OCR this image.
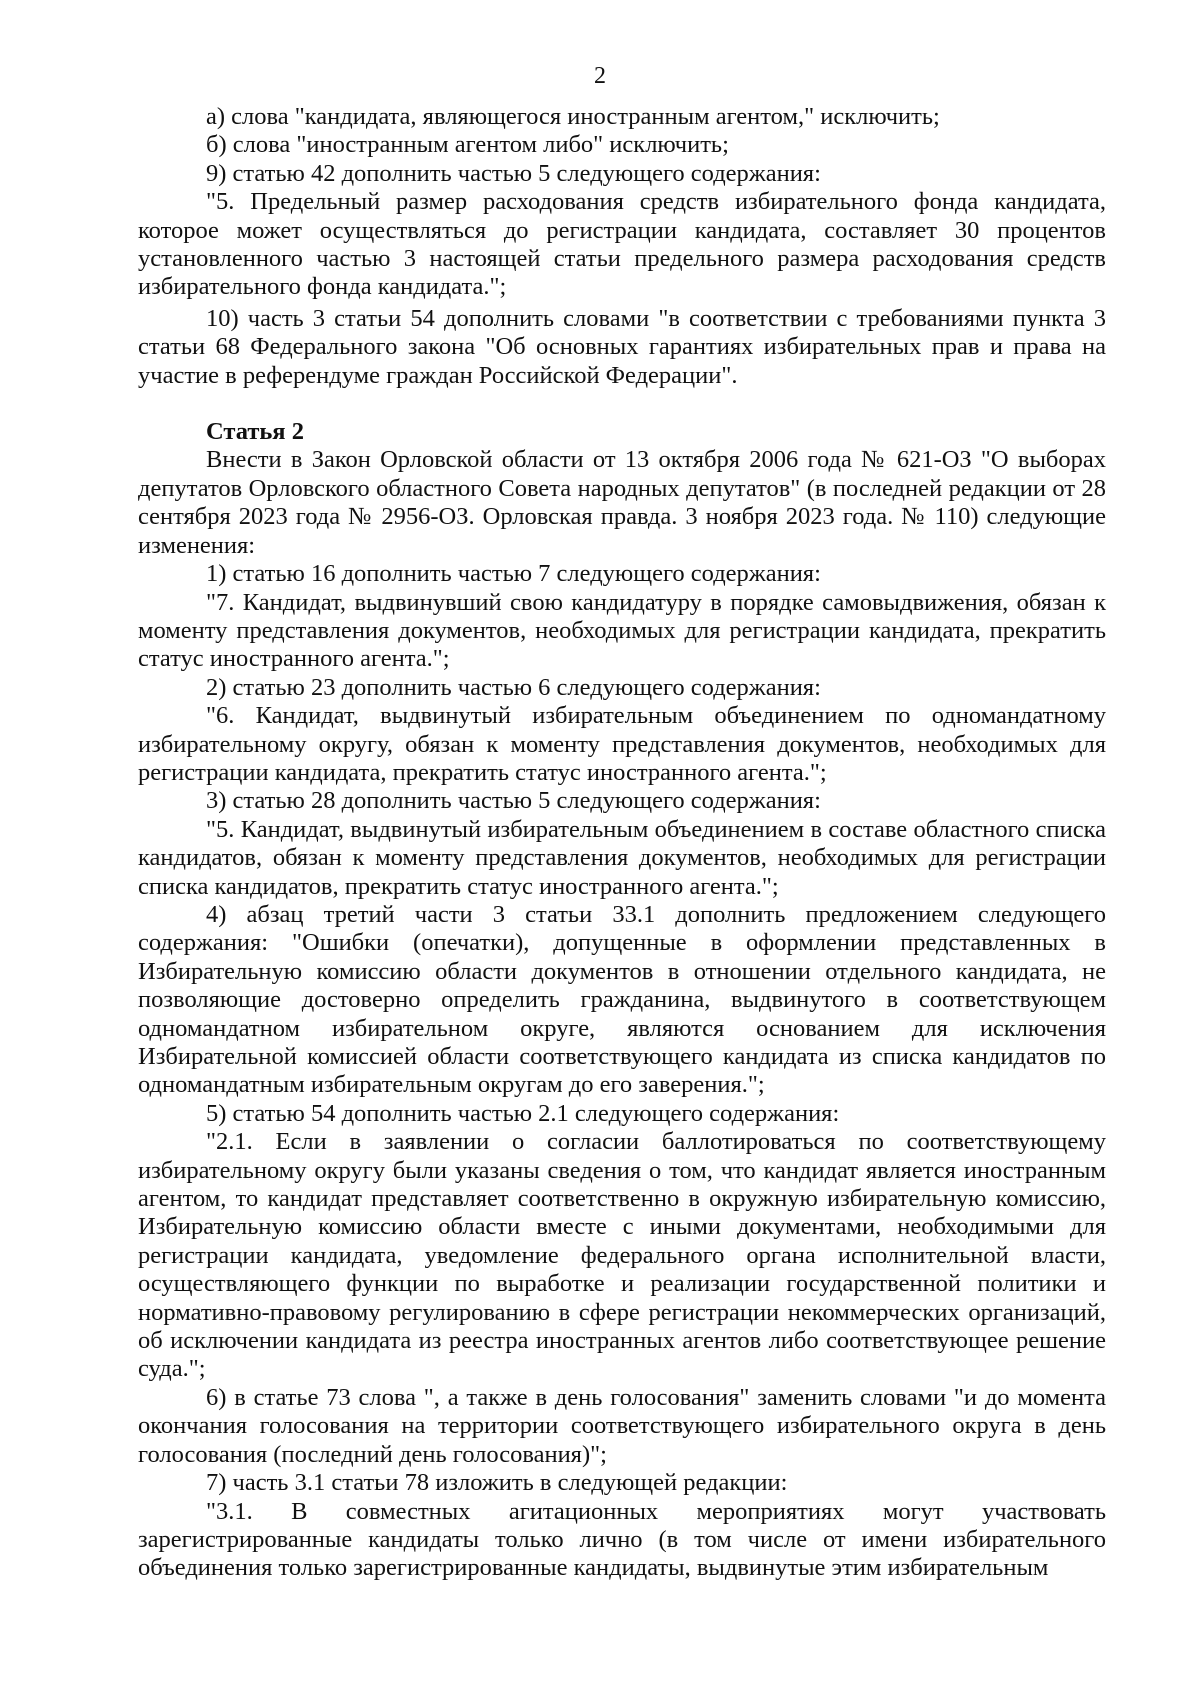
2

а) слова "кандидата, являющегося иностранным агентом," исключить;

б) слова "иностранным агентом либо" исключить;

9) статью 42 дополнить частью 5 следующего содержания:

"5. Предельный размер расходования средств избирательного фонда кандидата, которое может осуществляться до регистрации кандидата, составляет 30 процентов установленного частью 3 настоящей статьи предельного размера расходования средств избирательного фонда кандидата.";

10) часть 3 статьи 54 дополнить словами "в соответствии с требованиями пункта 3 статьи 68 Федерального закона "Об основных гарантиях избирательных прав и права на участие в референдуме граждан Российской Федерации".

Статья 2

Внести в Закон Орловской области от 13 октября 2006 года № 621-ОЗ "О выборах депутатов Орловского областного Совета народных депутатов" (в последней редакции от 28 сентября 2023 года № 2956-ОЗ. Орловская правда. 3 ноября 2023 года. № 110) следующие изменения:

1) статью 16 дополнить частью 7 следующего содержания:

"7. Кандидат, выдвинувший свою кандидатуру в порядке самовыдвижения, обязан к моменту представления документов, необходимых для регистрации кандидата, прекратить статус иностранного агента.";

2) статью 23 дополнить частью 6 следующего содержания:

"6. Кандидат, выдвинутый избирательным объединением по одномандатному избирательному округу, обязан к моменту представления документов, необходимых для регистрации кандидата, прекратить статус иностранного агента.";

3) статью 28 дополнить частью 5 следующего содержания:

"5. Кандидат, выдвинутый избирательным объединением в составе областного списка кандидатов, обязан к моменту представления документов, необходимых для регистрации списка кандидатов, прекратить статус иностранного агента.";

4) абзац третий части 3 статьи 33.1 дополнить предложением следующего содержания: "Ошибки (опечатки), допущенные в оформлении представленных в Избирательную комиссию области документов в отношении отдельного кандидата, не позволяющие достоверно определить гражданина, выдвинутого в соответствующем одномандатном избирательном округе, являются основанием для исключения Избирательной комиссией области соответствующего кандидата из списка кандидатов по одномандатным избирательным округам до его заверения.";

5) статью 54 дополнить частью 2.1 следующего содержания:

"2.1. Если в заявлении о согласии баллотироваться по соответствующему избирательному округу были указаны сведения о том, что кандидат является иностранным агентом, то кандидат представляет соответственно в окружную избирательную комиссию, Избирательную комиссию области вместе с иными документами, необходимыми для регистрации кандидата, уведомление федерального органа исполнительной власти, осуществляющего функции по выработке и реализации государственной политики и нормативно-правовому регулированию в сфере регистрации некоммерческих организаций, об исключении кандидата из реестра иностранных агентов либо соответствующее решение суда.";

6) в статье 73 слова ", а также в день голосования" заменить словами "и до момента окончания голосования на территории соответствующего избирательного округа в день голосования (последний день голосования)";

7) часть 3.1 статьи 78 изложить в следующей редакции:

"3.1. В совместных агитационных мероприятиях могут участвовать зарегистрированные кандидаты только лично (в том числе от имени избирательного объединения только зарегистрированные кандидаты, выдвинутые этим избирательным
